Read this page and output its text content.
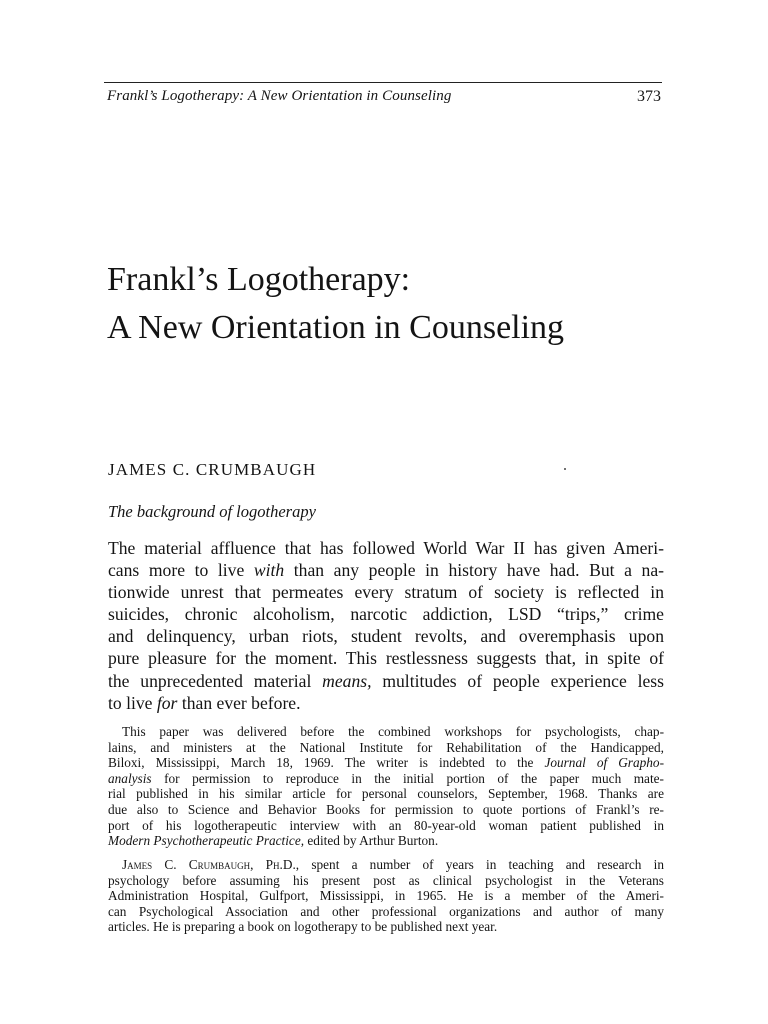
Frankl’s Logotherapy: A New Orientation in Counseling	373
Frankl’s Logotherapy:
A New Orientation in Counseling
JAMES C. CRUMBAUGH
The background of logotherapy
The material affluence that has followed World War II has given Ameri-
cans more to live with than any people in history have had. But a na-
tionwide unrest that permeates every stratum of society is reflected in
suicides, chronic alcoholism, narcotic addiction, LSD “trips,” crime
and delinquency, urban riots, student revolts, and overemphasis upon
pure pleasure for the moment. This restlessness suggests that, in spite of
the unprecedented material means, multitudes of people experience less
to live for than ever before.
This paper was delivered before the combined workshops for psychologists, chap-
lains, and ministers at the National Institute for Rehabilitation of the Handicapped,
Biloxi, Mississippi, March 18, 1969. The writer is indebted to the Journal of Grapho-
analysis for permission to reproduce in the initial portion of the paper much mate-
rial published in his similar article for personal counselors, September, 1968. Thanks are
due also to Science and Behavior Books for permission to quote portions of Frankl’s re-
port of his logotherapeutic interview with an 80-year-old woman patient published in
Modern Psychotherapeutic Practice, edited by Arthur Burton.
James C. Crumbaugh, Ph.D., spent a number of years in teaching and research in
psychology before assuming his present post as clinical psychologist in the Veterans
Administration Hospital, Gulfport, Mississippi, in 1965. He is a member of the Ameri-
can Psychological Association and other professional organizations and author of many
articles. He is preparing a book on logotherapy to be published next year.
